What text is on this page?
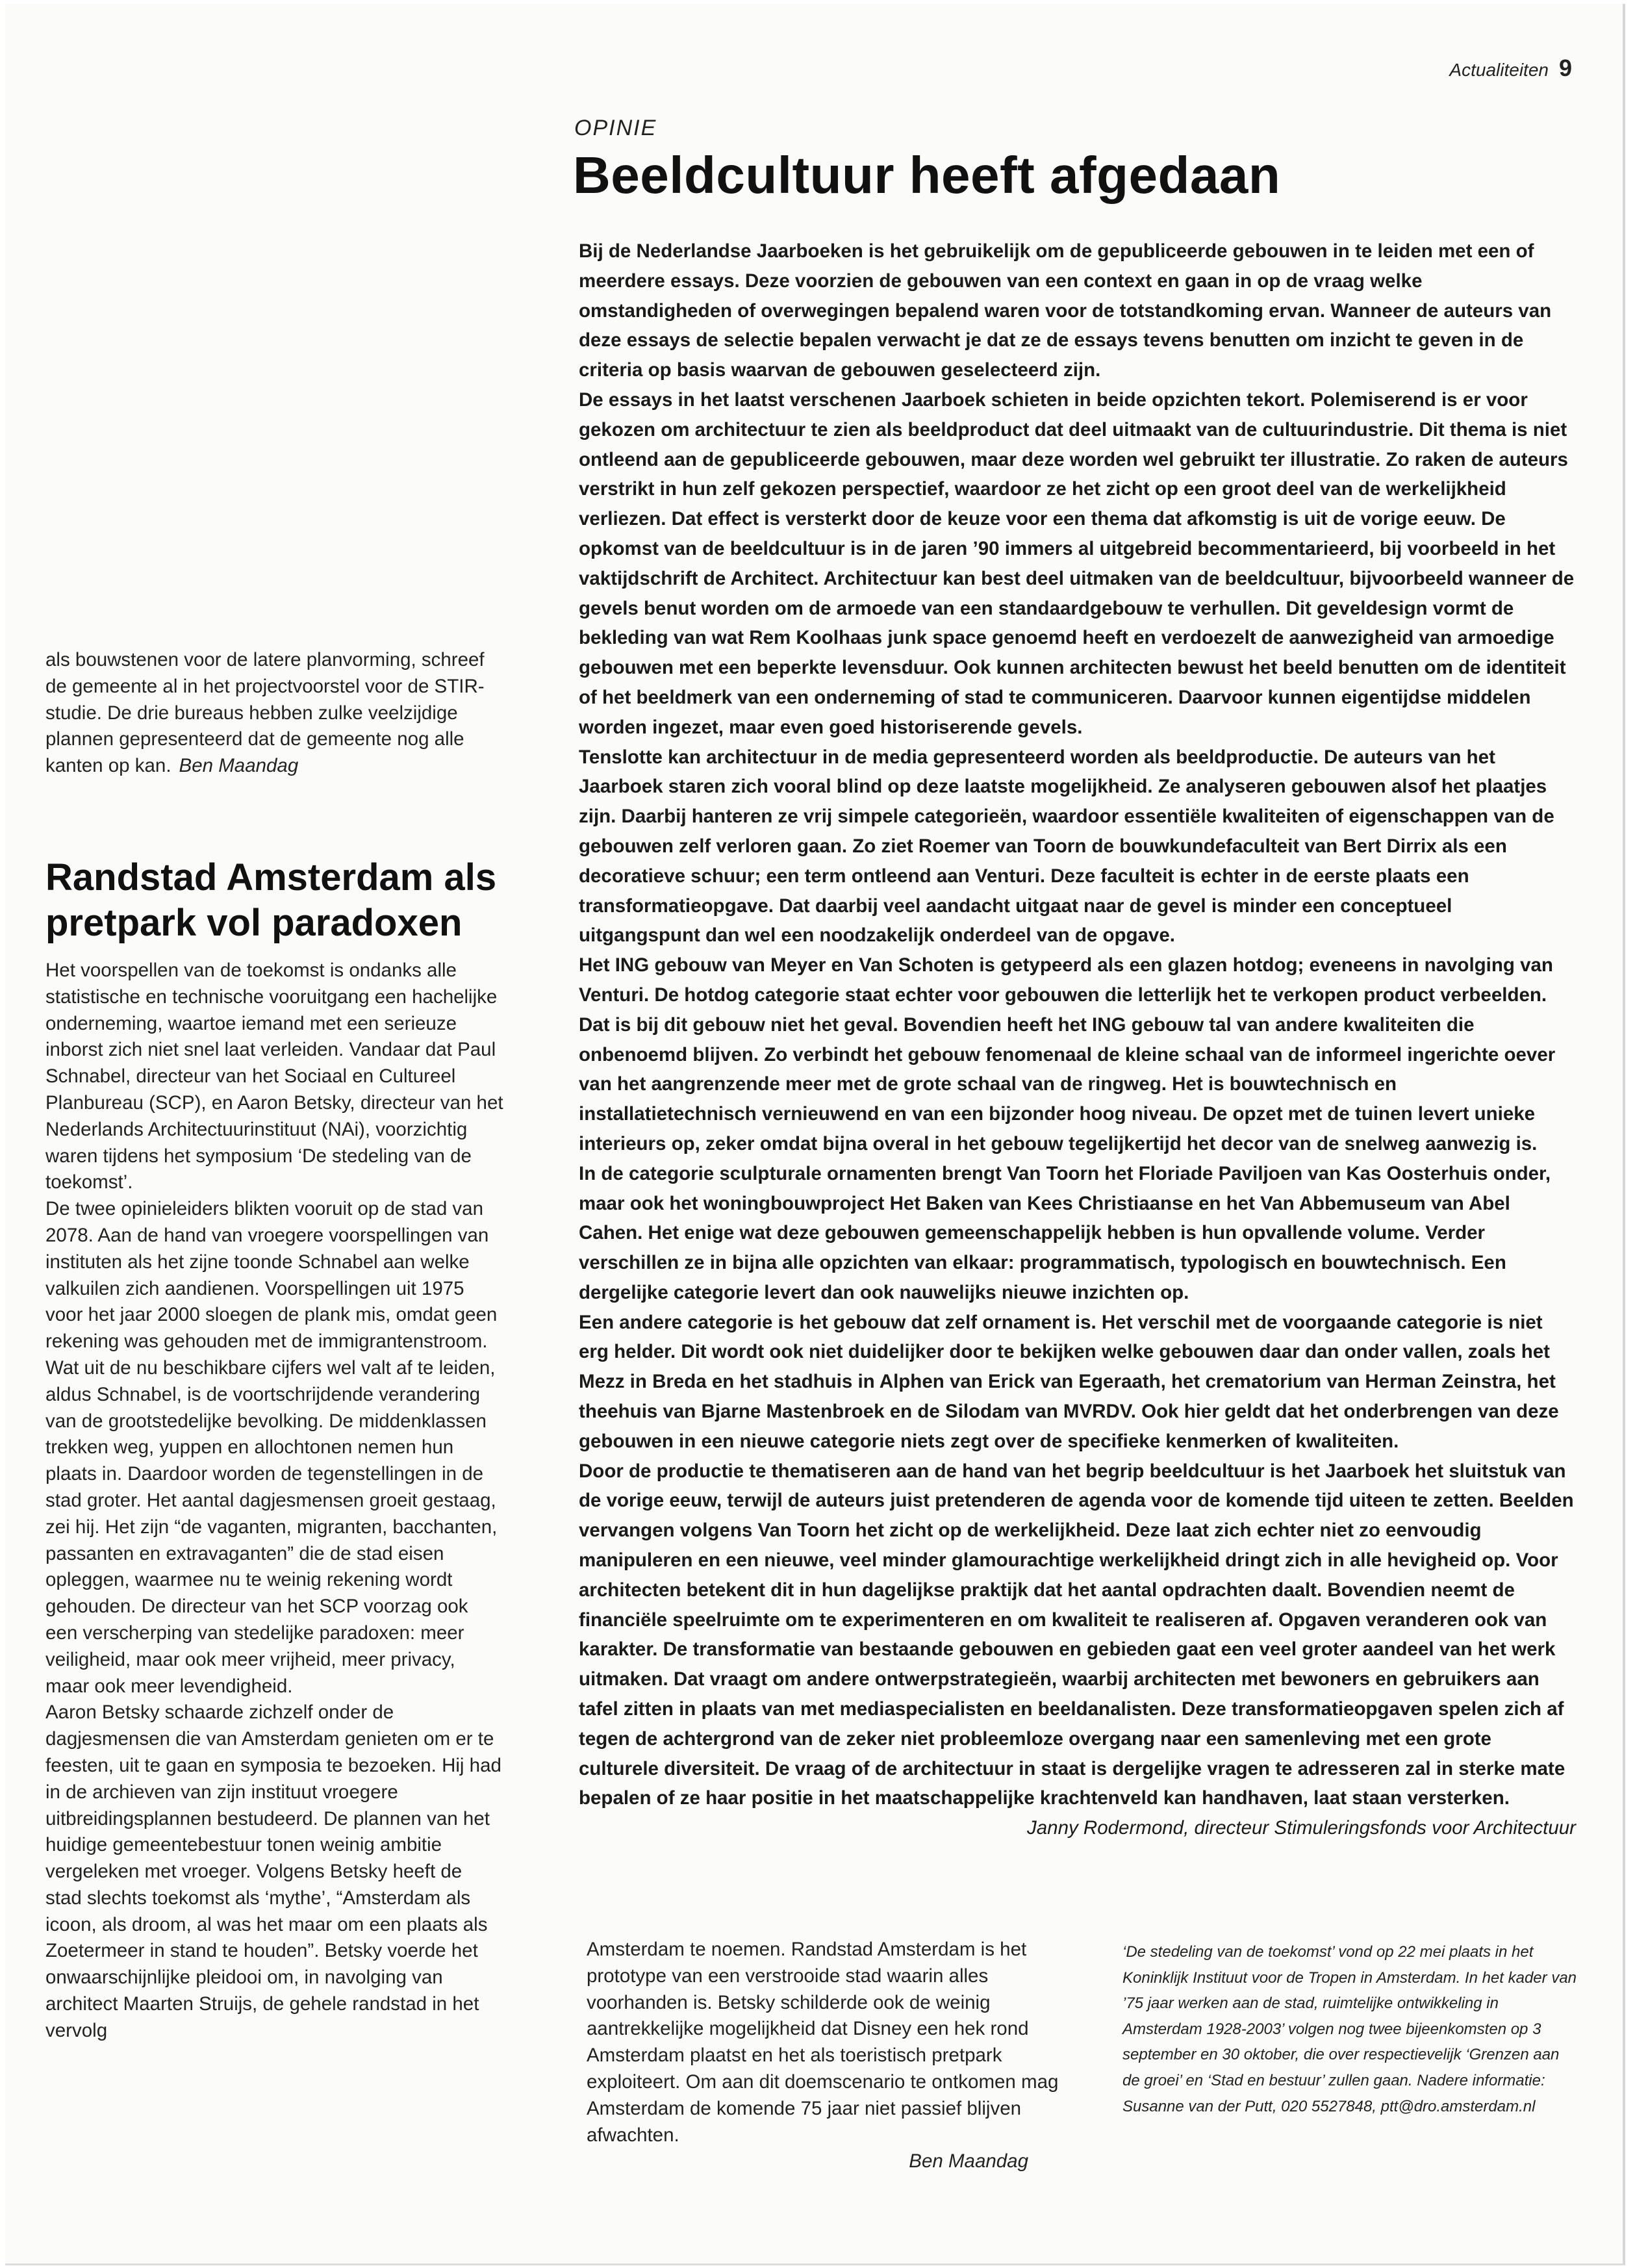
Actualiteiten 9
OPINIE
Beeldcultuur heeft afgedaan

Bij de Nederlandse Jaarboeken is het gebruikelijk om de gepubliceerde gebouwen in te leiden met een of meerdere essays. Deze voorzien de gebouwen van een context en gaan in op de vraag welke omstandigheden of overwegingen bepalend waren voor de totstandkoming ervan. Wanneer de auteurs van deze essays de selectie bepalen verwacht je dat ze de essays tevens benutten om inzicht te geven in de criteria op basis waarvan de gebouwen geselecteerd zijn.

De essays in het laatst verschenen Jaarboek schieten in beide opzichten tekort. Polemiserend is er voor gekozen om architectuur te zien als beeldproduct dat deel uitmaakt van de cultuurindustrie. Dit thema is niet ontleend aan de gepubliceerde gebouwen, maar deze worden wel gebruikt ter illustratie. Zo raken de auteurs verstrikt in hun zelf gekozen perspectief, waardoor ze het zicht op een groot deel van de werkelijkheid verliezen. Dat effect is versterkt door de keuze voor een thema dat afkomstig is uit de vorige eeuw. De opkomst van de beeldcultuur is in de jaren ’90 immers al uitgebreid becommentarieerd, bij voorbeeld in het vaktijdschrift de Architect. Architectuur kan best deel uitmaken van de beeldcultuur, bijvoorbeeld wanneer de gevels benut worden om de armoede van een standaardgebouw te verhullen. Dit geveldesign vormt de bekleding van wat Rem Koolhaas junk space genoemd heeft en verdoezelt de aanwezigheid van armoedige gebouwen met een beperkte levensduur. Ook kunnen architecten bewust het beeld benutten om de identiteit of het beeldmerk van een onderneming of stad te communiceren. Daarvoor kunnen eigentijdse middelen worden ingezet, maar even goed historiserende gevels.

Tenslotte kan architectuur in de media gepresenteerd worden als beeldproductie. De auteurs van het Jaarboek staren zich vooral blind op deze laatste mogelijkheid. Ze analyseren gebouwen alsof het plaatjes zijn. Daarbij hanteren ze vrij simpele categorieën, waardoor essentiële kwaliteiten of eigenschappen van de gebouwen zelf verloren gaan. Zo ziet Roemer van Toorn de bouwkundefaculteit van Bert Dirrix als een decoratieve schuur; een term ontleend aan Venturi. Deze faculteit is echter in de eerste plaats een transformatieopgave. Dat daarbij veel aandacht uitgaat naar de gevel is minder een conceptueel uitgangspunt dan wel een noodzakelijk onderdeel van de opgave.

Het ING gebouw van Meyer en Van Schoten is getypeerd als een glazen hotdog; eveneens in navolging van Venturi. De hotdog categorie staat echter voor gebouwen die letterlijk het te verkopen product verbeelden. Dat is bij dit gebouw niet het geval. Bovendien heeft het ING gebouw tal van andere kwaliteiten die onbenoemd blijven. Zo verbindt het gebouw fenomenaal de kleine schaal van de informeel ingerichte oever van het aangrenzende meer met de grote schaal van de ringweg. Het is bouwtechnisch en installatietechnisch vernieuwend en van een bijzonder hoog niveau. De opzet met de tuinen levert unieke interieurs op, zeker omdat bijna overal in het gebouw tegelijkertijd het decor van de snelweg aanwezig is.

In de categorie sculpturale ornamenten brengt Van Toorn het Floriade Paviljoen van Kas Oosterhuis onder, maar ook het woningbouwproject Het Baken van Kees Christiaanse en het Van Abbemuseum van Abel Cahen. Het enige wat deze gebouwen gemeenschappelijk hebben is hun opvallende volume. Verder verschillen ze in bijna alle opzichten van elkaar: programmatisch, typologisch en bouwtechnisch. Een dergelijke categorie levert dan ook nauwelijks nieuwe inzichten op.

Een andere categorie is het gebouw dat zelf ornament is. Het verschil met de voorgaande categorie is niet erg helder. Dit wordt ook niet duidelijker door te bekijken welke gebouwen daar dan onder vallen, zoals het Mezz in Breda en het stadhuis in Alphen van Erick van Egeraath, het crematorium van Herman Zeinstra, het theehuis van Bjarne Mastenbroek en de Silodam van MVRDV. Ook hier geldt dat het onderbrengen van deze gebouwen in een nieuwe categorie niets zegt over de specifieke kenmerken of kwaliteiten.

Door de productie te thematiseren aan de hand van het begrip beeldcultuur is het Jaarboek het sluitstuk van de vorige eeuw, terwijl de auteurs juist pretenderen de agenda voor de komende tijd uiteen te zetten. Beelden vervangen volgens Van Toorn het zicht op de werkelijkheid. Deze laat zich echter niet zo eenvoudig manipuleren en een nieuwe, veel minder glamourachtige werkelijkheid dringt zich in alle hevigheid op. Voor architecten betekent dit in hun dagelijkse praktijk dat het aantal opdrachten daalt. Bovendien neemt de financiële speelruimte om te experimenteren en om kwaliteit te realiseren af. Opgaven veranderen ook van karakter. De transformatie van bestaande gebouwen en gebieden gaat een veel groter aandeel van het werk uitmaken. Dat vraagt om andere ontwerpstrategieën, waarbij architecten met bewoners en gebruikers aan tafel zitten in plaats van met mediaspecialisten en beeldanalisten. Deze transformatieopgaven spelen zich af tegen de achtergrond van de zeker niet probleemloze overgang naar een samenleving met een grote culturele diversiteit. De vraag of de architectuur in staat is dergelijke vragen te adresseren zal in sterke mate bepalen of ze haar positie in het maatschappelijke krachtenveld kan handhaven, laat staan versterken.
Janny Rodermond, directeur Stimuleringsfonds voor Architectuur

als bouwstenen voor de latere planvorming, schreef de gemeente al in het projectvoorstel voor de STIR-studie. De drie bureaus hebben zulke veelzijdige plannen gepresenteerd dat de gemeente nog alle kanten op kan. Ben Maandag

Randstad Amsterdam als pretpark vol paradoxen

Het voorspellen van de toekomst is ondanks alle statistische en technische vooruitgang een hachelijke onderneming, waartoe iemand met een serieuze inborst zich niet snel laat verleiden. Vandaar dat Paul Schnabel, directeur van het Sociaal en Cultureel Planbureau (SCP), en Aaron Betsky, directeur van het Nederlands Architectuurinstituut (NAi), voorzichtig waren tijdens het symposium ‘De stedeling van de toekomst’.

De twee opinieleiders blikten vooruit op de stad van 2078. Aan de hand van vroegere voorspellingen van instituten als het zijne toonde Schnabel aan welke valkuilen zich aandienen. Voorspellingen uit 1975 voor het jaar 2000 sloegen de plank mis, omdat geen rekening was gehouden met de immigrantenstroom. Wat uit de nu beschikbare cijfers wel valt af te leiden, aldus Schnabel, is de voortschrijdende verandering van de grootstedelijke bevolking. De middenklassen trekken weg, yuppen en allochtonen nemen hun plaats in. Daardoor worden de tegenstellingen in de stad groter. Het aantal dagjesmensen groeit gestaag, zei hij. Het zijn “de vaganten, migranten, bacchanten, passanten en extravaganten” die de stad eisen opleggen, waarmee nu te weinig rekening wordt gehouden. De directeur van het SCP voorzag ook een verscherping van stedelijke paradoxen: meer veiligheid, maar ook meer vrijheid, meer privacy, maar ook meer levendigheid.

Aaron Betsky schaarde zichzelf onder de dagjesmensen die van Amsterdam genieten om er te feesten, uit te gaan en symposia te bezoeken. Hij had in de archieven van zijn instituut vroegere uitbreidingsplannen bestudeerd. De plannen van het huidige gemeentebestuur tonen weinig ambitie vergeleken met vroeger. Volgens Betsky heeft de stad slechts toekomst als ‘mythe’, “Amsterdam als icoon, als droom, al was het maar om een plaats als Zoetermeer in stand te houden”. Betsky voerde het onwaarschijnlijke pleidooi om, in navolging van architect Maarten Struijs, de gehele randstad in het vervolg

Amsterdam te noemen. Randstad Amsterdam is het prototype van een verstrooide stad waarin alles voorhanden is. Betsky schilderde ook de weinig aantrekkelijke mogelijkheid dat Disney een hek rond Amsterdam plaatst en het als toeristisch pretpark exploiteert. Om aan dit doemscenario te ontkomen mag Amsterdam de komende 75 jaar niet passief blijven afwachten.

Ben Maandag

‘De stedeling van de toekomst’ vond op 22 mei plaats in het Koninklijk Instituut voor de Tropen in Amsterdam. In het kader van ’75 jaar werken aan de stad, ruimtelijke ontwikkeling in Amsterdam 1928-2003’ volgen nog twee bijeenkomsten op 3 september en 30 oktober, die over respectievelijk ‘Grenzen aan de groei’ en ‘Stad en bestuur’ zullen gaan. Nadere informatie: Susanne van der Putt, 020 5527848, ptt@dro.amsterdam.nl
